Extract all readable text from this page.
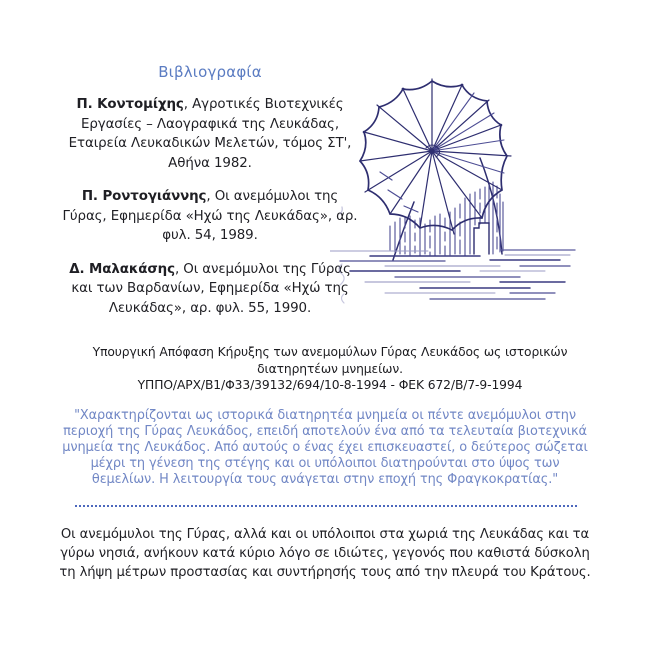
Βιβλιογραφία

Π. Κοντομίχης, Αγροτικές Βιοτεχνικές Εργασίες – Λαογραφικά της Λευκάδας, Εταιρεία Λευκαδικών Μελετών, τόμος ΣΤ', Αθήνα 1982.

Π. Ροντογιάννης, Οι ανεμόμυλοι της Γύρας, Εφημερίδα «Ηχώ της Λευκάδας», αρ. φυλ. 54, 1989.

Δ. Μαλακάσης, Οι ανεμόμυλοι της Γύρας και των Βαρδανίων, Εφημερίδα «Ηχώ της Λευκάδας», αρ. φυλ. 55, 1990.

Υπουργική Απόφαση Κήρυξης των ανεμομύλων Γύρας Λευκάδος ως ιστορικών διατηρητέων μνημείων.
ΥΠΠΟ/ΑΡΧ/Β1/Φ33/39132/694/10-8-1994 - ΦΕΚ 672/Β/7-9-1994
"Χαρακτηρίζονται ως ιστορικά διατηρητέα μνημεία οι πέντε ανεμόμυλοι στην περιοχή της Γύρας Λευκάδος, επειδή αποτελούν ένα από τα τελευταία βιοτεχνικά μνημεία της Λευκάδος. Από αυτούς ο ένας έχει επισκευαστεί, ο δεύτερος σώζεται μέχρι τη γένεση της στέγης και οι υπόλοιποι διατηρούνται στο ύψος των θεμελίων. Η λειτουργία τους ανάγεται στην εποχή της Φραγκοκρατίας."
Οι ανεμόμυλοι της Γύρας, αλλά και οι υπόλοιποι στα χωριά της Λευκάδας και τα γύρω νησιά, ανήκουν κατά κύριο λόγο σε ιδιώτες, γεγονός που καθιστά δύσκολη τη λήψη μέτρων προστασίας και συντήρησής τους από την πλευρά του Κράτους.
